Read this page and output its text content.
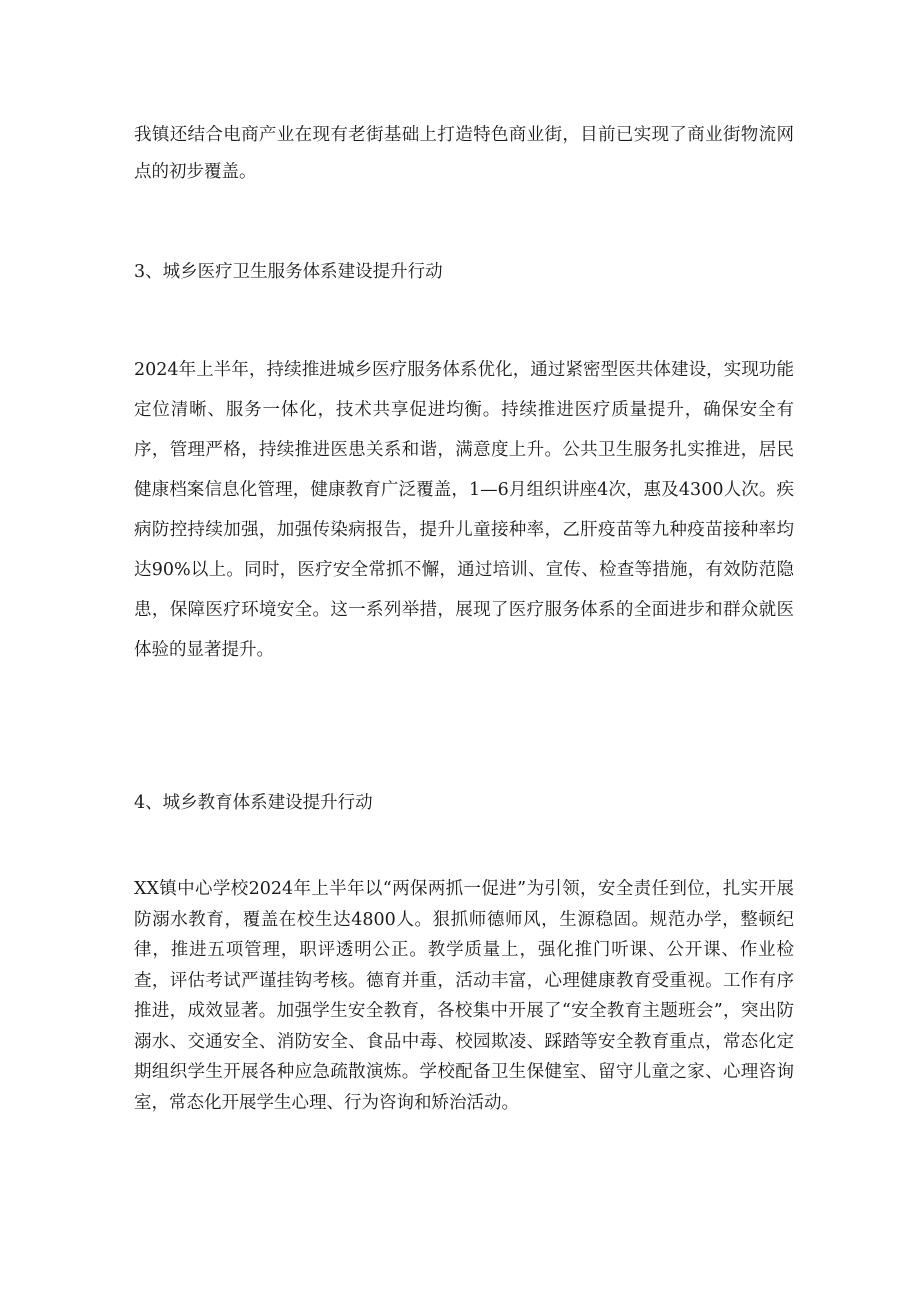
我镇还结合电商产业在现有老街基础上打造特色商业街，目前已实现了商业街物流网点的初步覆盖。

3、城乡医疗卫生服务体系建设提升行动

2024年上半年，持续推进城乡医疗服务体系优化，通过紧密型医共体建设，实现功能定位清晰、服务一体化，技术共享促进均衡。持续推进医疗质量提升，确保安全有序，管理严格，持续推进医患关系和谐，满意度上升。公共卫生服务扎实推进，居民健康档案信息化管理，健康教育广泛覆盖，1—6月组织讲座4次，惠及4300人次。疾病防控持续加强，加强传染病报告，提升儿童接种率，乙肝疫苗等九种疫苗接种率均达90%以上。同时，医疗安全常抓不懈，通过培训、宣传、检查等措施，有效防范隐患，保障医疗环境安全。这一系列举措，展现了医疗服务体系的全面进步和群众就医体验的显著提升。

4、城乡教育体系建设提升行动

XX镇中心学校2024年上半年以“两保两抓一促进”为引领，安全责任到位，扎实开展防溺水教育，覆盖在校生达4800人。狠抓师德师风，生源稳固。规范办学，整顿纪律，推进五项管理，职评透明公正。教学质量上，强化推门听课、公开课、作业检查，评估考试严谨挂钩考核。德育并重，活动丰富，心理健康教育受重视。工作有序推进，成效显著。加强学生安全教育，各校集中开展了“安全教育主题班会”，突出防溺水、交通安全、消防安全、食品中毒、校园欺凌、踩踏等安全教育重点，常态化定期组织学生开展各种应急疏散演炼。学校配备卫生保健室、留守儿童之家、心理咨询室，常态化开展学生心理、行为咨询和矫治活动。
